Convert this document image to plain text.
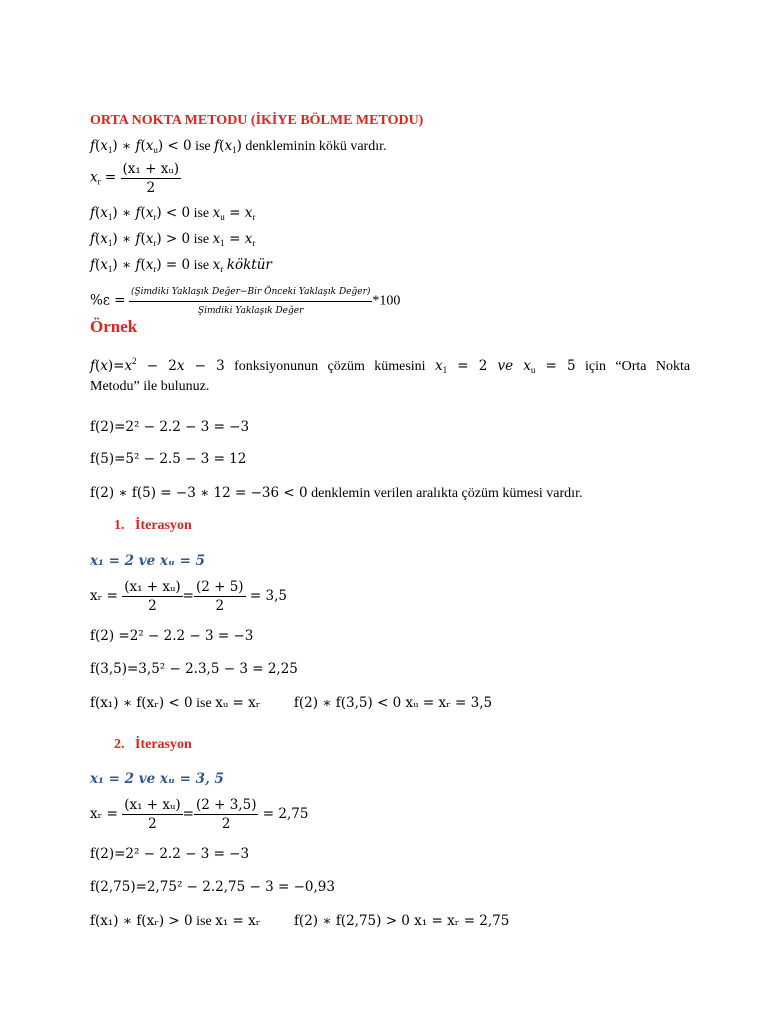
ORTA NOKTA METODU (İKİYE BÖLME METODU)
$f(x_1)$ ∗ $f(x_u) < 0$ ise $f(x_1)$ denkleminin kökü vardır.
$x_r = \frac{\text{(x₁ + xᵤ)}}{2}$
$f(x_1)$ ∗ $f(x_r) < 0$ ise $x_u = x_r$
$f(x_1)$ ∗ $f(x_r) > 0$ ise $x_1 = x_r$
$f(x_1)$ ∗ $f(x_r) = 0$ ise $x_r$ köktür
$\%\varepsilon = \frac{\text{(Şimdiki Yaklaşık Değer−Bir Önceki Yaklaşık Değer)}}{\text{Şimdiki Yaklaşık Değer}} *100$
Örnek
$f(x)=x^2 - 2x - 3$ fonksiyonunun çözüm kümesini $x_1 = 2$ ve $x_u = 5$ için “Orta Nokta
Metodu” ile bulunuz.
f(2)=2² − 2.2 − 3 = −3
f(5)=5² − 2.5 − 3 = 12
f(2) ∗ f(5) = −3 ∗ 12 = −36 < 0 denklemin verilen aralıkta çözüm kümesi vardır.
1. İterasyon
x₁ = 2 ve xᵤ = 5
xᵣ = $\frac{\text{(x₁ + xᵤ)}}{2} = \frac{(2 + 5)}{2} = 3,5$
f(2) =2² − 2.2 − 3 = −3
f(3,5)=3,5² − 2.3,5 − 3 = 2,25
f(x₁) ∗ f(xᵣ) < 0 ise xᵤ = xᵣ f(2) ∗ f(3,5) < 0 xᵤ = xᵣ = 3,5
2. İterasyon
x₁ = 2 ve xᵤ = 3, 5
xᵣ = $\frac{\text{(x₁ + xᵤ)}}{2} = \frac{(2 + 3,5)}{2} = 2,75$
f(2)=2² − 2.2 − 3 = −3
f(2,75)=2,75² − 2.2,75 − 3 = −0,93
f(x₁) ∗ f(xᵣ) > 0 ise x₁ = xᵣ f(2) ∗ f(2,75) > 0 x₁ = xᵣ = 2,75
